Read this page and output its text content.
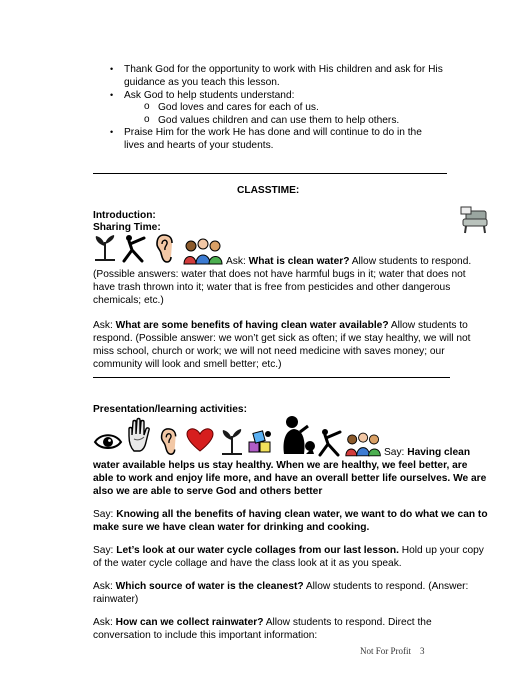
• Thank God for the opportunity to work with His children and ask for His
guidance as you teach this lesson.
• Ask God to help students understand:
o God loves and cares for each of us.
o God values children and can use them to help others.
• Praise Him for the work He has done and will continue to do in the
lives and hearts of your students.
CLASSTIME:
Introduction:
Sharing Time:
Ask: What is clean water? Allow students to respond.
(Possible answers: water that does not have harmful bugs in it; water that does not
have trash thrown into it; water that is free from pesticides and other dangerous
chemicals; etc.)
Ask: What are some benefits of having clean water available? Allow students to
respond. (Possible answer: we won’t get sick as often; if we stay healthy, we will not
miss school, church or work; we will not need medicine with saves money; our
community will look and smell better; etc.)
Presentation/learning activities:
Say: Having clean
water available helps us stay healthy. When we are healthy, we feel better, are
able to work and enjoy life more, and have an overall better life ourselves. We are
also we are able to serve God and others better
Say: Knowing all the benefits of having clean water, we want to do what we can to
make sure we have clean water for drinking and cooking.
Say: Let’s look at our water cycle collages from our last lesson. Hold up your copy
of the water cycle collage and have the class look at it as you speak.
Ask: Which source of water is the cleanest? Allow students to respond. (Answer:
rainwater)
Ask: How can we collect rainwater? Allow students to respond. Direct the
conversation to include this important information:
Not For Profit    3
